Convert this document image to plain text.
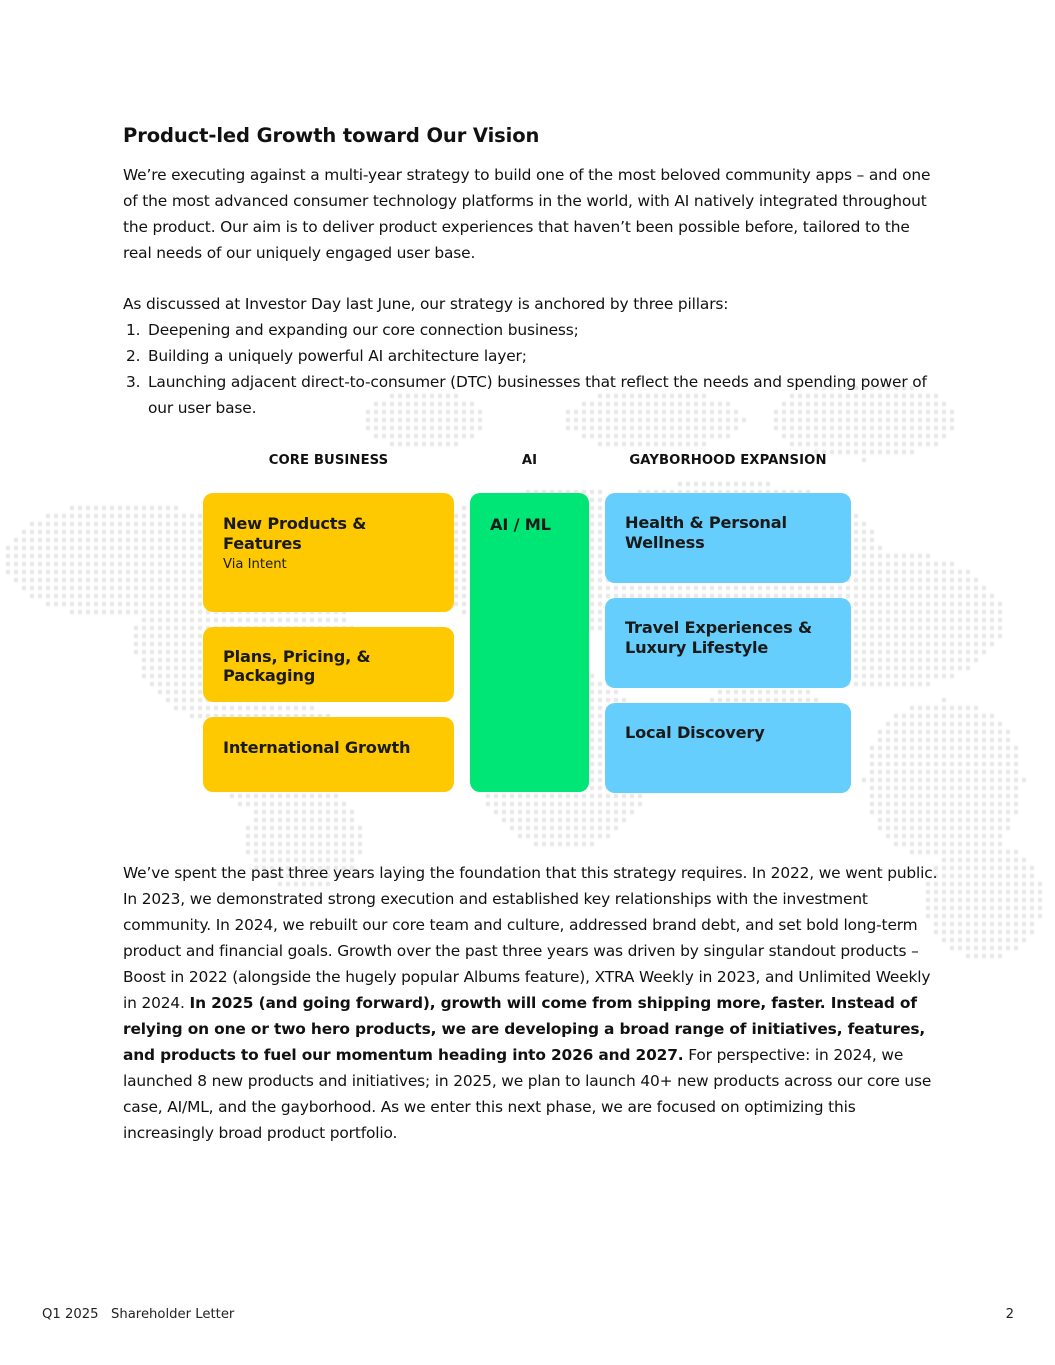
Product-led Growth toward Our Vision

We’re executing against a multi-year strategy to build one of the most beloved community apps – and one of the most advanced consumer technology platforms in the world, with AI natively integrated throughout the product. Our aim is to deliver product experiences that haven’t been possible before, tailored to the real needs of our uniquely engaged user base.

As discussed at Investor Day last June, our strategy is anchored by three pillars:

1. Deepening and expanding our core connection business;
2. Building a uniquely powerful AI architecture layer;
3. Launching adjacent direct-to-consumer (DTC) businesses that reflect the needs and spending power of our user base.
CORE BUSINESS	AI	GAYBORHOOD EXPANSION
New Products & Features
Via Intent
Plans, Pricing, & Packaging
International Growth
AI / ML	Health & Personal Wellness
Travel Experiences & Luxury Lifestyle
Local Discovery

We’ve spent the past three years laying the foundation that this strategy requires. In 2022, we went public. In 2023, we demonstrated strong execution and established key relationships with the investment community. In 2024, we rebuilt our core team and culture, addressed brand debt, and set bold long-term product and financial goals. Growth over the past three years was driven by singular standout products – Boost in 2022 (alongside the hugely popular Albums feature), XTRA Weekly in 2023, and Unlimited Weekly in 2024. In 2025 (and going forward), growth will come from shipping more, faster. Instead of relying on one or two hero products, we are developing a broad range of initiatives, features, and products to fuel our momentum heading into 2026 and 2027. For perspective: in 2024, we launched 8 new products and initiatives; in 2025, we plan to launch 40+ new products across our core use case, AI/ML, and the gayborhood. As we enter this next phase, we are focused on optimizing this increasingly broad product portfolio.

Q1 2025 Shareholder Letter	2
